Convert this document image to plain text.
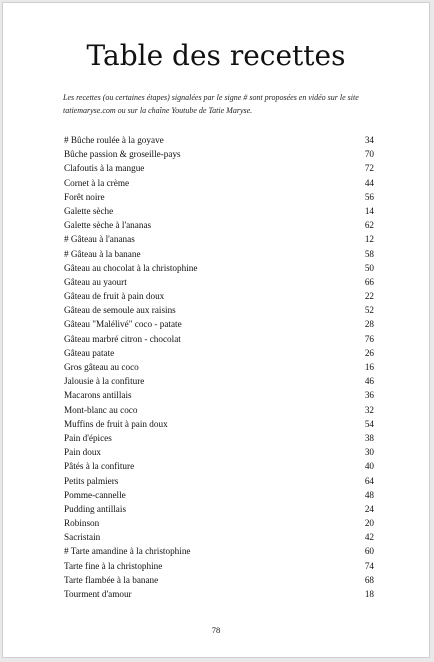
Table des recettes
Les recettes (ou certaines étapes) signalées par le signe # sont proposées en vidéo sur le site tatiemaryse.com ou sur la chaîne Youtube de Tatie Maryse.
# Bûche roulée à la goyave	34
Bûche passion & groseille-pays	70
Clafoutis à la mangue	72
Cornet à la crème	44
Forêt noire	56
Galette sèche	14
Galette sèche à l'ananas	62
# Gâteau à l'ananas	12
# Gâteau à la banane	58
Gâteau au chocolat à la christophine	50
Gâteau au yaourt	66
Gâteau de fruit à pain doux	22
Gâteau de semoule aux raisins	52
Gâteau "Malélivé" coco - patate	28
Gâteau marbré citron - chocolat	76
Gâteau patate	26
Gros gâteau au coco	16
Jalousie à la confiture	46
Macarons antillais	36
Mont-blanc au coco	32
Muffins de fruit à pain doux	54
Pain d'épices	38
Pain doux	30
Pâtés à la confiture	40
Petits palmiers	64
Pomme-cannelle	48
Pudding antillais	24
Robinson	20
Sacristain	42
# Tarte amandine à la christophine	60
Tarte fine à la christophine	74
Tarte flambée à la banane	68
Tourment d'amour	18
78
